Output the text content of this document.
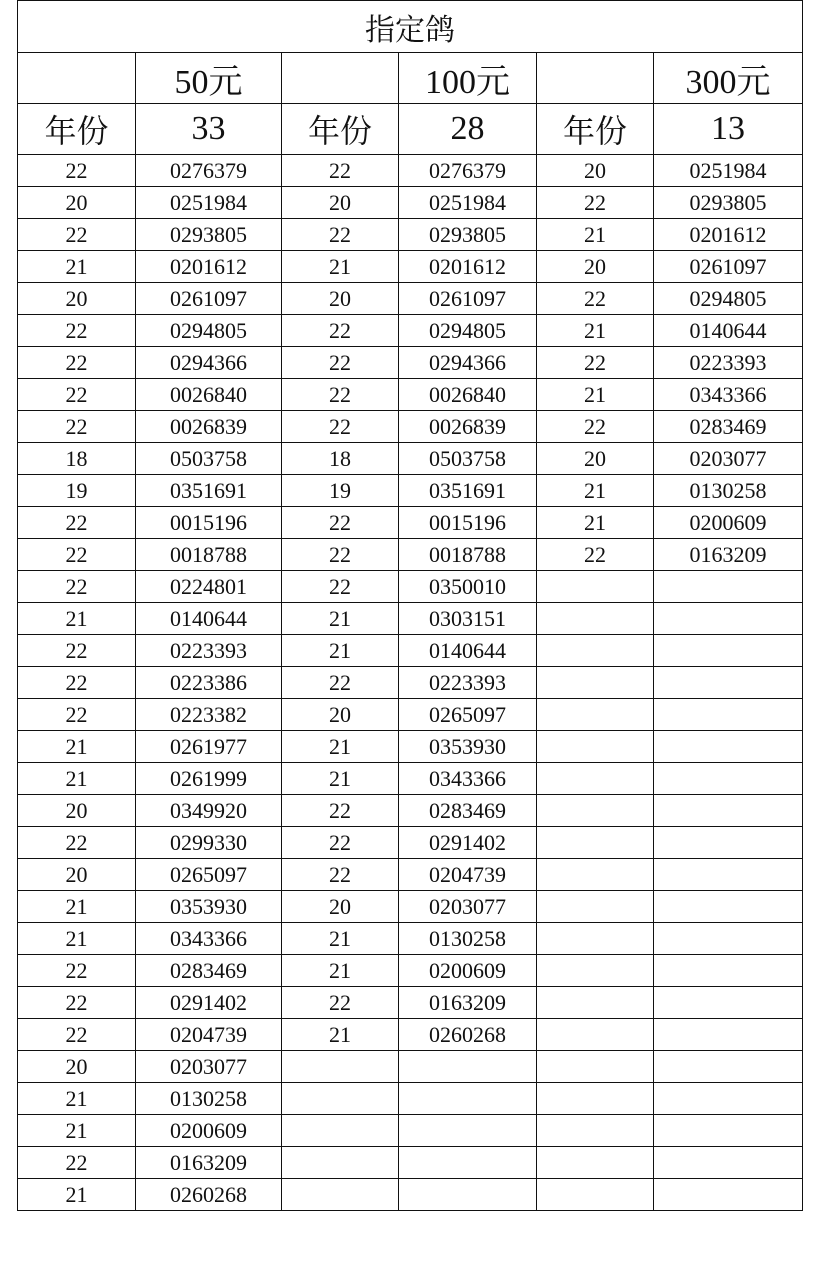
指定鸽					
	50元		100元		300元
年份	33	年份	28	年份	13
22	0276379	22	0276379	20	0251984
20	0251984	20	0251984	22	0293805
22	0293805	22	0293805	21	0201612
21	0201612	21	0201612	20	0261097
20	0261097	20	0261097	22	0294805
22	0294805	22	0294805	21	0140644
22	0294366	22	0294366	22	0223393
22	0026840	22	0026840	21	0343366
22	0026839	22	0026839	22	0283469
18	0503758	18	0503758	20	0203077
19	0351691	19	0351691	21	0130258
22	0015196	22	0015196	21	0200609
22	0018788	22	0018788	22	0163209
22	0224801	22	0350010		
21	0140644	21	0303151		
22	0223393	21	0140644		
22	0223386	22	0223393		
22	0223382	20	0265097		
21	0261977	21	0353930		
21	0261999	21	0343366		
20	0349920	22	0283469		
22	0299330	22	0291402		
20	0265097	22	0204739		
21	0353930	20	0203077		
21	0343366	21	0130258		
22	0283469	21	0200609		
22	0291402	22	0163209		
22	0204739	21	0260268		
20	0203077				
21	0130258				
21	0200609				
22	0163209				
21	0260268				
